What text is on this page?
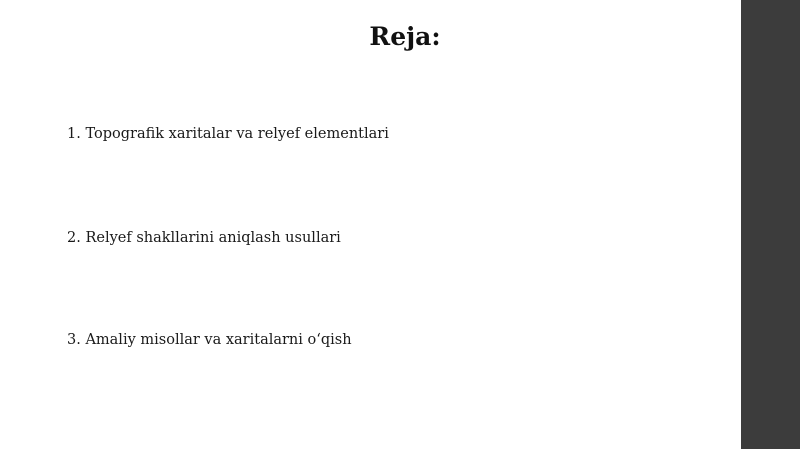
Reja:
1. Topografik xaritalar va relyef elementlari
2. Relyef shakllarini aniqlash usullari
3. Amaliy misollar va xaritalarni o‘qish
